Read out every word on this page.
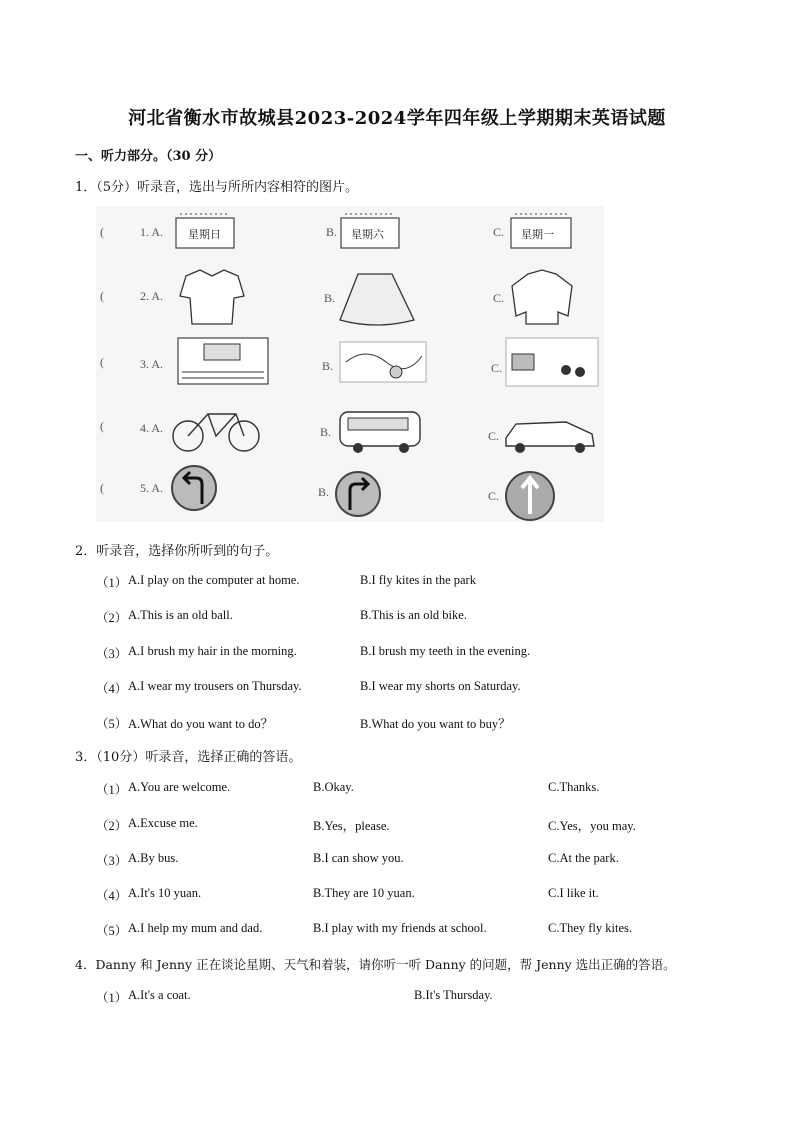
河北省衡水市故城县2023-2024学年四年级上学期期末英语试题
一、听力部分。（30 分）
1．（5分）听录音，选出与所所内容相符的图片。
(	1. A. 星期日	B. 星期六	C. 星期一
(	2. A.	B.	C.
(	3. A.	B.	C.
(	4. A.	B.	C.
(	5. A.	B.	C.
2．听录音，选择你所听到的句子。
（1） A.I play on the computer at home.	B.I fly kites in the park
（2） A.This is an old ball.	B.This is an old bike.
（3） A.I brush my hair in the morning.	B.I brush my teeth in the evening.
（4） A.I wear my trousers on Thursday.	B.I wear my shorts on Saturday.
（5） A.What do you want to do？	B.What do you want to buy？
3．（10分）听录音，选择正确的答语。
（1） A.You are welcome.	B.Okay.	C.Thanks.
（2） A.Excuse me.	B.Yes，please.	C.Yes，you may.
（3） A.By bus.	B.I can show you.	C.At the park.
（4） A.It's 10 yuan.	B.They are 10 yuan.	C.I like it.
（5） A.I help my mum and dad.	B.I play with my friends at school.	C.They fly kites.
4．Danny 和 Jenny 正在谈论星期、天气和着装，请你听一听 Danny 的问题，帮 Jenny 选出正确的答语。
（1） A.It's a coat.	B.It's Thursday.
